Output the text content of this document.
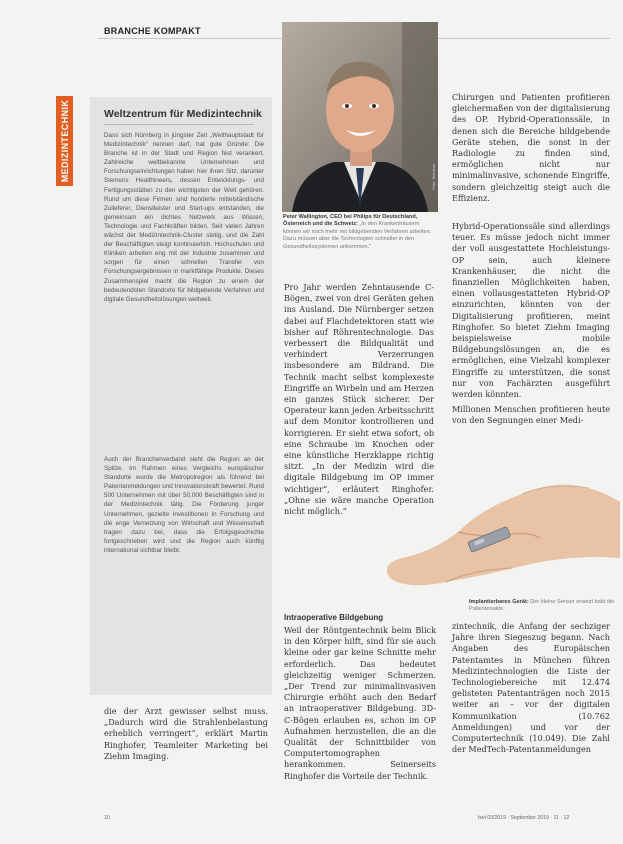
BRANCHE KOMPAKT
MEDIZINTECHNIK	Weltzentrum für Medizintechnik

Dass sich Nürnberg in jüngster Zeit „Welthauptstadt für Medizintechnik“ nennen darf, hat gute Gründe: Die Branche ist in der Stadt und Region fest verankert. Zahlreiche weltbekannte Unternehmen und Forschungseinrichtungen haben hier ihren Sitz, darunter Siemens Healthineers, dessen Entwicklungs- und Fertigungsstätten zu den wichtigsten der Welt gehören. Rund um diese Firmen sind hunderte mittelständische Zulieferer, Dienstleister und Start-ups entstanden, die gemeinsam ein dichtes Netzwerk aus Wissen, Technologie und Fachkräften bilden. Seit vielen Jahren wächst der Medizintechnik-Cluster stetig, und die Zahl der Beschäftigten steigt kontinuierlich. Hochschulen und Kliniken arbeiten eng mit der Industrie zusammen und sorgen für einen schnellen Transfer von Forschungsergebnissen in marktfähige Produkte. Dieses Zusammenspiel macht die Region zu einem der bedeutendsten Standorte für bildgebende Verfahren und digitale Gesundheitslösungen weltweit.

Auch der Branchenverband sieht die Region an der Spitze. Im Rahmen eines Vergleichs europäischer Standorte wurde die Metropolregion als führend bei Patentanmeldungen und Innovationskraft bewertet. Rund 500 Unternehmen mit über 50.000 Beschäftigten sind in der Medizintechnik tätig. Die Förderung junger Unternehmen, gezielte Investitionen in Forschung und die enge Vernetzung von Wirtschaft und Wissenschaft tragen dazu bei, dass die Erfolgsgeschichte fortgeschrieben wird und die Region auch künftig international sichtbar bleibt.

Foto: Siemens

Peter Wallington, CEO bei Philips für Deutschland, Österreich und die Schweiz: „In den Krankenhäusern können wir noch mehr mit bildgebenden Verfahren arbeiten. Dazu müssen aber die Technologien schneller in den Gesundheitssystemen ankommen.“

Pro Jahr werden Zehntausende C-Bögen, zwei von drei Geräten gehen ins Ausland. Die Nürnberger setzen dabei auf Flachdetektoren statt wie bisher auf Röhrentechnologie. Das verbessert die Bildqualität und verhindert Verzerrungen insbesondere am Bildrand. Die Technik macht selbst komplexeste Eingriffe an Wirbeln und am Herzen ein ganzes Stück sicherer. Der Operateur kann jeden Arbeitsschritt auf dem Monitor kontrollieren und korrigieren. Er sieht etwa sofort, ob eine Schraube im Knochen oder eine künstliche Herzklappe richtig sitzt. „In der Medizin wird die digitale Bildgebung im OP immer wichtiger“, erläutert Ringhofer. „Ohne sie wäre manche Operation nicht möglich.“

Intraoperative Bildgebung

Weil der Röntgentechnik beim Blick in den Körper hilft, sind für sie auch kleine oder gar keine Schnitte mehr erforderlich. Das bedeutet gleichzeitig weniger Schmerzen. „Der Trend zur minimalinvasiven Chirurgie erhöht auch den Bedarf an intraoperativer Bildgebung. 3D-C-Bögen erlauben es, schon im OP Aufnahmen herzustellen, die an die Qualität der Schnittbilder von Computertomographen herankommen. Seinerseits Ringhofer die Vorteile der Technik.

die der Arzt gewisser selbst muss. „Dadurch wird die Strahlenbelastung erheblich verringert“, erklärt Martin Ringhofer, Teamleiter Marketing bei Ziehm Imaging.

Chirurgen und Patienten profitieren gleichermaßen von der digitalisierung des OP. Hybrid-Operationssäle, in denen sich die Bereiche bildgebende Geräte stehen, die sonst in der Radiologie zu finden sind, ermöglichen nicht nur minimalinvasive, schonende Eingriffe, sondern gleichzeitig steigt auch die Effizienz.

Hybrid-Operationssäle sind allerdings teuer. Es müsse jedoch nicht immer der voll ausgestattete Hochleistungs-OP sein, auch kleinere Krankenhäuser, die nicht die finanziellen Möglichkeiten haben, einen vollausgestatteten Hybrid-OP einzurichten, könnten von der Digitalisierung profitieren, meint Ringhofer. So bietet Ziehm Imaging beispielsweise mobile Bildgebungslösungen an, die es ermöglichen, eine Vielzahl komplexer Eingriffe zu unterstützen, die sonst nur von Fachärzten ausgeführt werden könnten.

Millionen Menschen profitieren heute von den Segnungen einer Medi-

zintechnik, die Anfang der sechziger Jahre ihren Siegeszug begann. Nach Angaben des Europäischen Patentamtes in München führen Medizintechnologien die Liste der Technologiebereiche mit 12.474 gelisteten Patentanträgen noch 2015 weiter an – vor der digitalen Kommunikation (10.762 Anmeldungen) und vor der Computertechnik (10.049). Die Zahl der MedTech-Patentanmeldungen

Implantierbares Gerät: Der kleine Sensor ersetzt bald die Patientenakte.

10	bwi 03/2019 · September 2019 · 11 · 12
